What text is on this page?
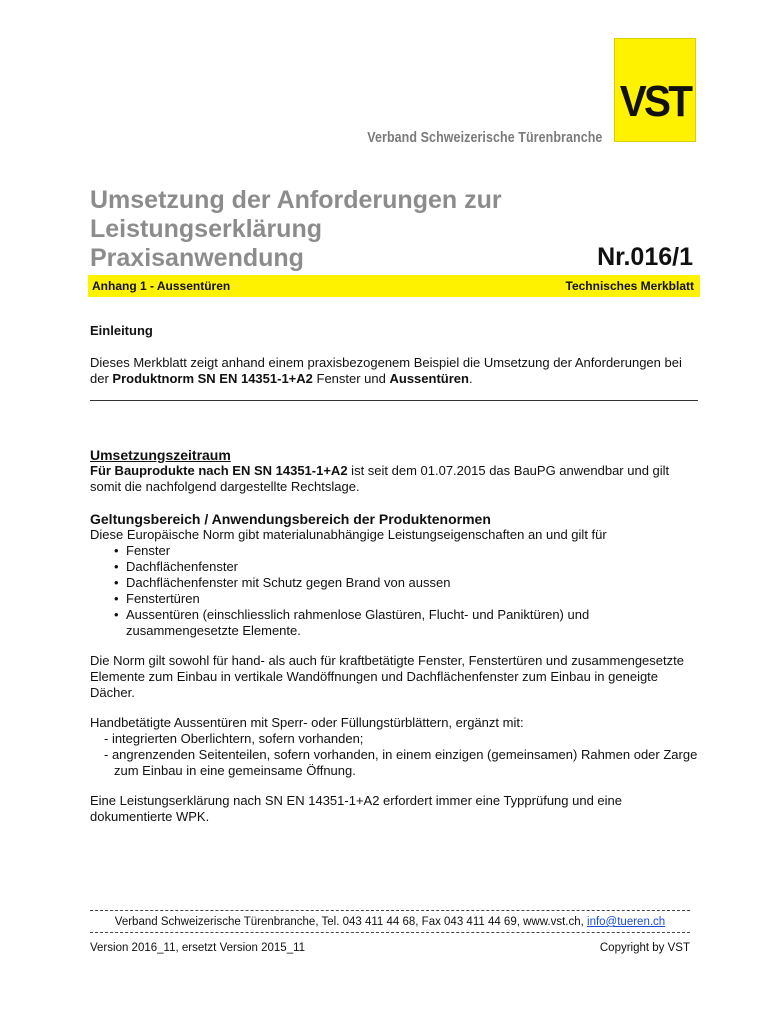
VST
Verband Schweizerische Türenbranche
Umsetzung der Anforderungen zur
Leistungserklärung
Praxisanwendung	Nr.016/1
Anhang 1 - Aussentüren	Technisches Merkblatt
Einleitung

Dieses Merkblatt zeigt anhand einem praxisbezogenem Beispiel die Umsetzung der Anforderungen bei der Produktnorm SN EN 14351-1+A2 Fenster und Aussentüren.

Umsetzungszeitraum

Für Bauprodukte nach EN SN 14351-1+A2 ist seit dem 01.07.2015 das BauPG anwendbar und gilt somit die nachfolgend dargestellte Rechtslage.

Geltungsbereich / Anwendungsbereich der Produktenormen

Diese Europäische Norm gibt materialunabhängige Leistungseigenschaften an und gilt für

• Fenster
• Dachflächenfenster
• Dachflächenfenster mit Schutz gegen Brand von aussen
• Fenstertüren
• Aussentüren (einschliesslich rahmenlose Glastüren, Flucht- und Paniktüren) und zusammengesetzte Elemente.

Die Norm gilt sowohl für hand- als auch für kraftbetätigte Fenster, Fenstertüren und zusammengesetzte Elemente zum Einbau in vertikale Wandöffnungen und Dachflächenfenster zum Einbau in geneigte Dächer.

Handbetätigte Aussentüren mit Sperr- oder Füllungstürblättern, ergänzt mit:

- integrierten Oberlichtern, sofern vorhanden;
- angrenzenden Seitenteilen, sofern vorhanden, in einem einzigen (gemeinsamen) Rahmen oder Zarge zum Einbau in eine gemeinsame Öffnung.

Eine Leistungserklärung nach SN EN 14351-1+A2 erfordert immer eine Typprüfung und eine dokumentierte WPK.

Verband Schweizerische Türenbranche, Tel. 043 411 44 68, Fax 043 411 44 69, www.vst.ch, info@tueren.ch
Version 2016_11, ersetzt Version 2015_11	Copyright by VST
